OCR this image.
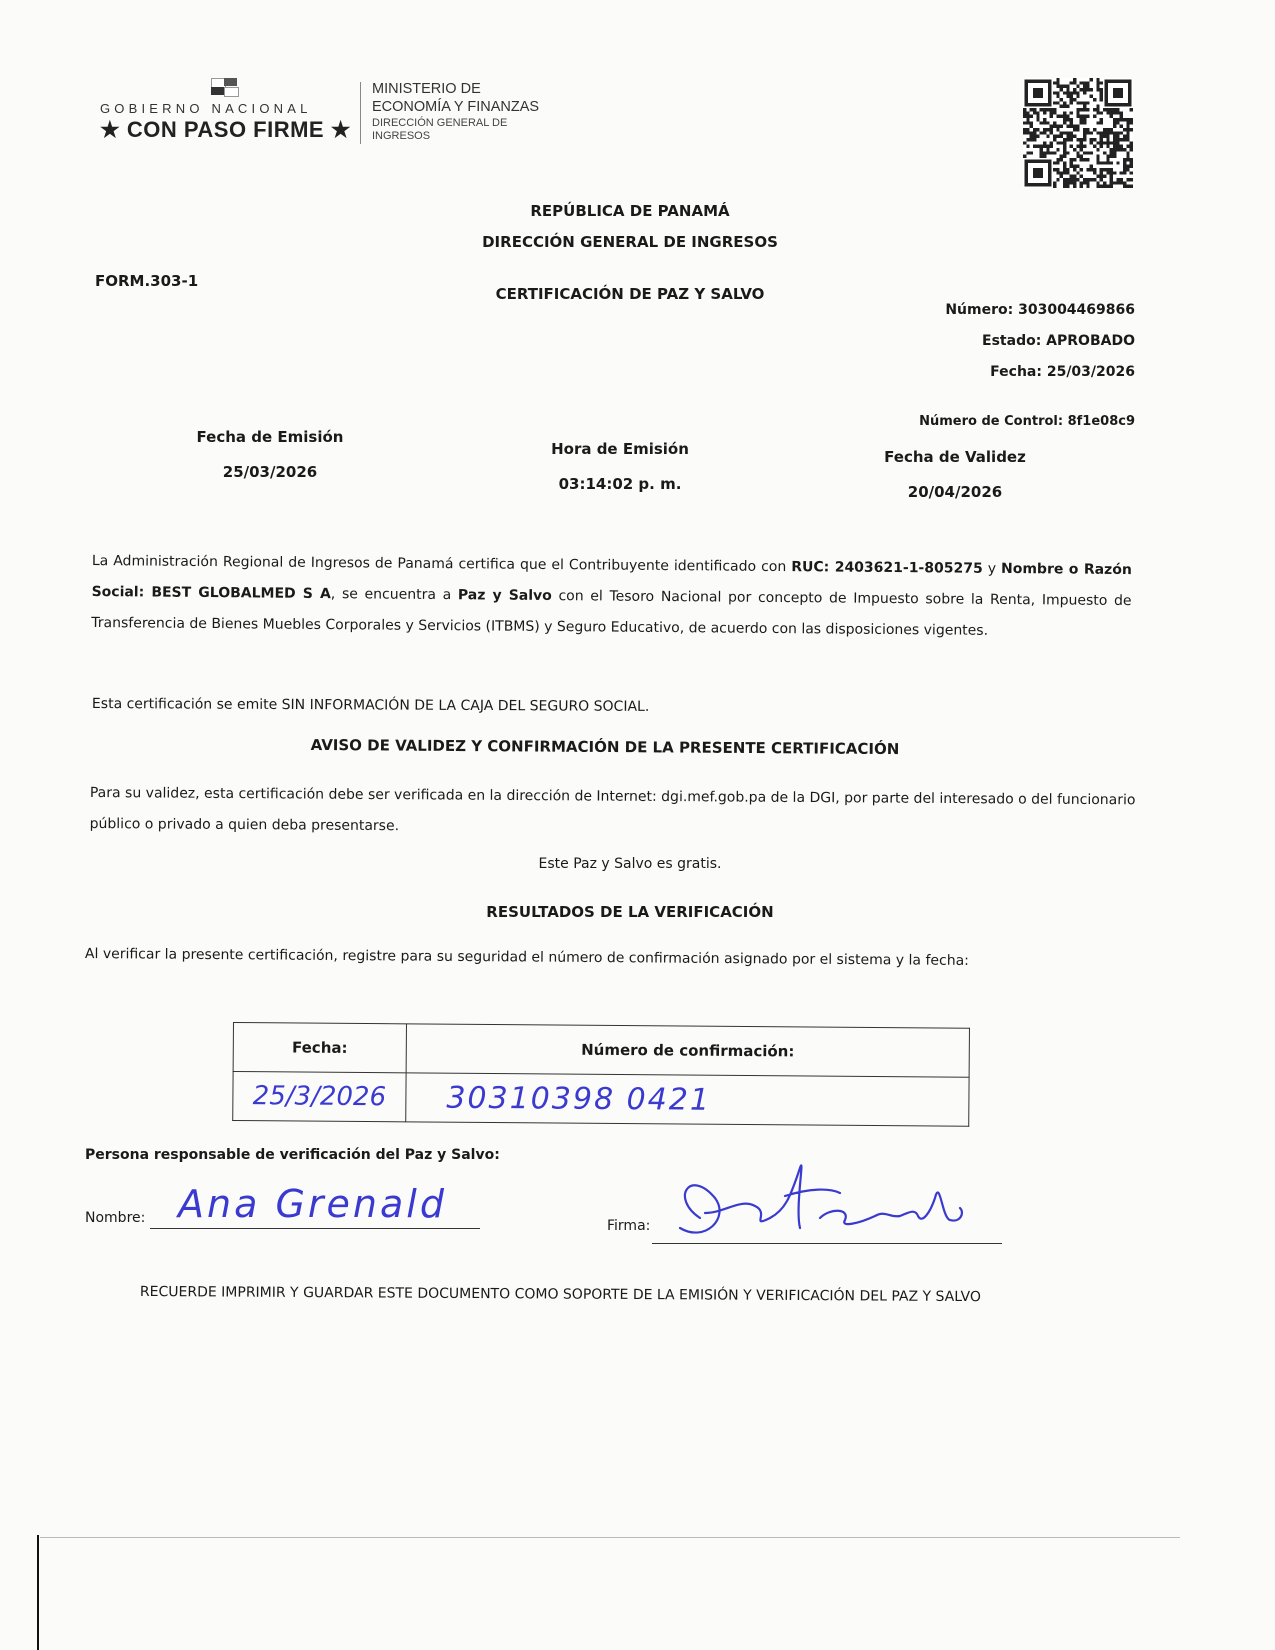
GOBIERNO NACIONAL
★ CON PASO FIRME ★
MINISTERIO DE
ECONOMÍA Y FINANZAS
DIRECCIÓN GENERAL DE
INGRESOS
REPÚBLICA DE PANAMÁ
DIRECCIÓN GENERAL DE INGRESOS
FORM.303-1
CERTIFICACIÓN DE PAZ Y SALVO
Número: 303004469866
Estado: APROBADO
Fecha: 25/03/2026
Número de Control: 8f1e08c9
Fecha de Emisión
25/03/2026
Hora de Emisión
03:14:02 p. m.
Fecha de Validez
20/04/2026
La Administración Regional de Ingresos de Panamá certifica que el Contribuyente identificado con RUC: 2403621-1-805275 y Nombre o Razón Social: BEST GLOBALMED S A, se encuentra a Paz y Salvo con el Tesoro Nacional por concepto de Impuesto sobre la Renta, Impuesto de Transferencia de Bienes Muebles Corporales y Servicios (ITBMS) y Seguro Educativo, de acuerdo con las disposiciones vigentes.
Esta certificación se emite SIN INFORMACIÓN DE LA CAJA DEL SEGURO SOCIAL.
AVISO DE VALIDEZ Y CONFIRMACIÓN DE LA PRESENTE CERTIFICACIÓN
Para su validez, esta certificación debe ser verificada en la dirección de Internet: dgi.mef.gob.pa de la DGI, por parte del interesado o del funcionario público o privado a quien deba presentarse.
Este Paz y Salvo es gratis.
RESULTADOS DE LA VERIFICACIÓN
Al verificar la presente certificación, registre para su seguridad el número de confirmación asignado por el sistema y la fecha:
Fecha:	Número de confirmación:
25/3/2026	30310398 0421
Persona responsable de verificación del Paz y Salvo:
Nombre: Ana Grenald	Firma:
RECUERDE IMPRIMIR Y GUARDAR ESTE DOCUMENTO COMO SOPORTE DE LA EMISIÓN Y VERIFICACIÓN DEL PAZ Y SALVO
